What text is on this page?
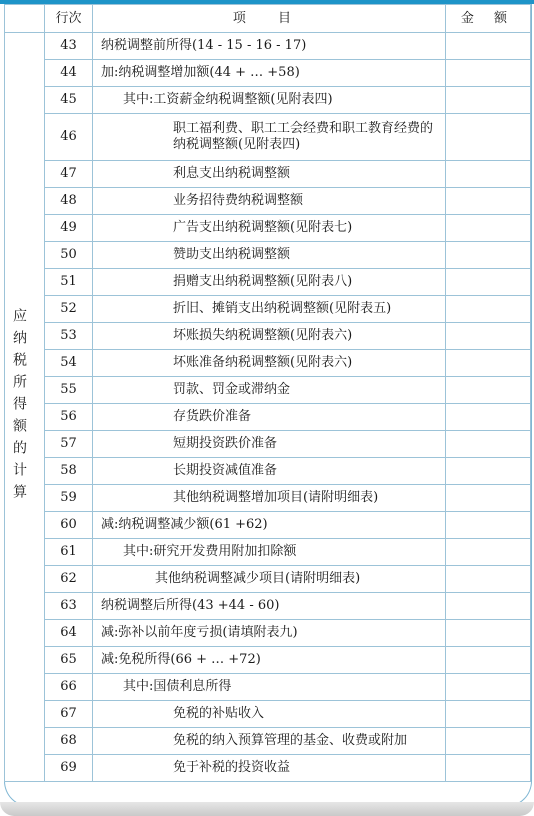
	行次	项 目	金 额

应纳税所得额的计算	43	纳税调整前所得(14 - 15 - 16 - 17)	
	44	加:纳税调整增加额(44 + … +58)	
	45	其中:工资薪金纳税调整额(见附表四)	
	46	职工福利费、职工工会经费和职工教育经费的纳税调整额(见附表四)	
	47	利息支出纳税调整额	
	48	业务招待费纳税调整额	
	49	广告支出纳税调整额(见附表七)	
	50	赞助支出纳税调整额	
	51	捐赠支出纳税调整额(见附表八)	
	52	折旧、摊销支出纳税调整额(见附表五)	
	53	坏账损失纳税调整额(见附表六)	
	54	坏账准备纳税调整额(见附表六)	
	55	罚款、罚金或滞纳金	
	56	存货跌价准备	
	57	短期投资跌价准备	
	58	长期投资减值准备	
	59	其他纳税调整增加项目(请附明细表)	
	60	减:纳税调整减少额(61 +62)	
	61	其中:研究开发费用附加扣除额	
	62	其他纳税调整减少项目(请附明细表)	
	63	纳税调整后所得(43 +44 - 60)	
	64	减:弥补以前年度亏损(请填附表九)	
	65	减:免税所得(66 + … +72)	
	66	其中:国债利息所得	
	67	免税的补贴收入	
	68	免税的纳入预算管理的基金、收费或附加	
	69	免于补税的投资收益	
